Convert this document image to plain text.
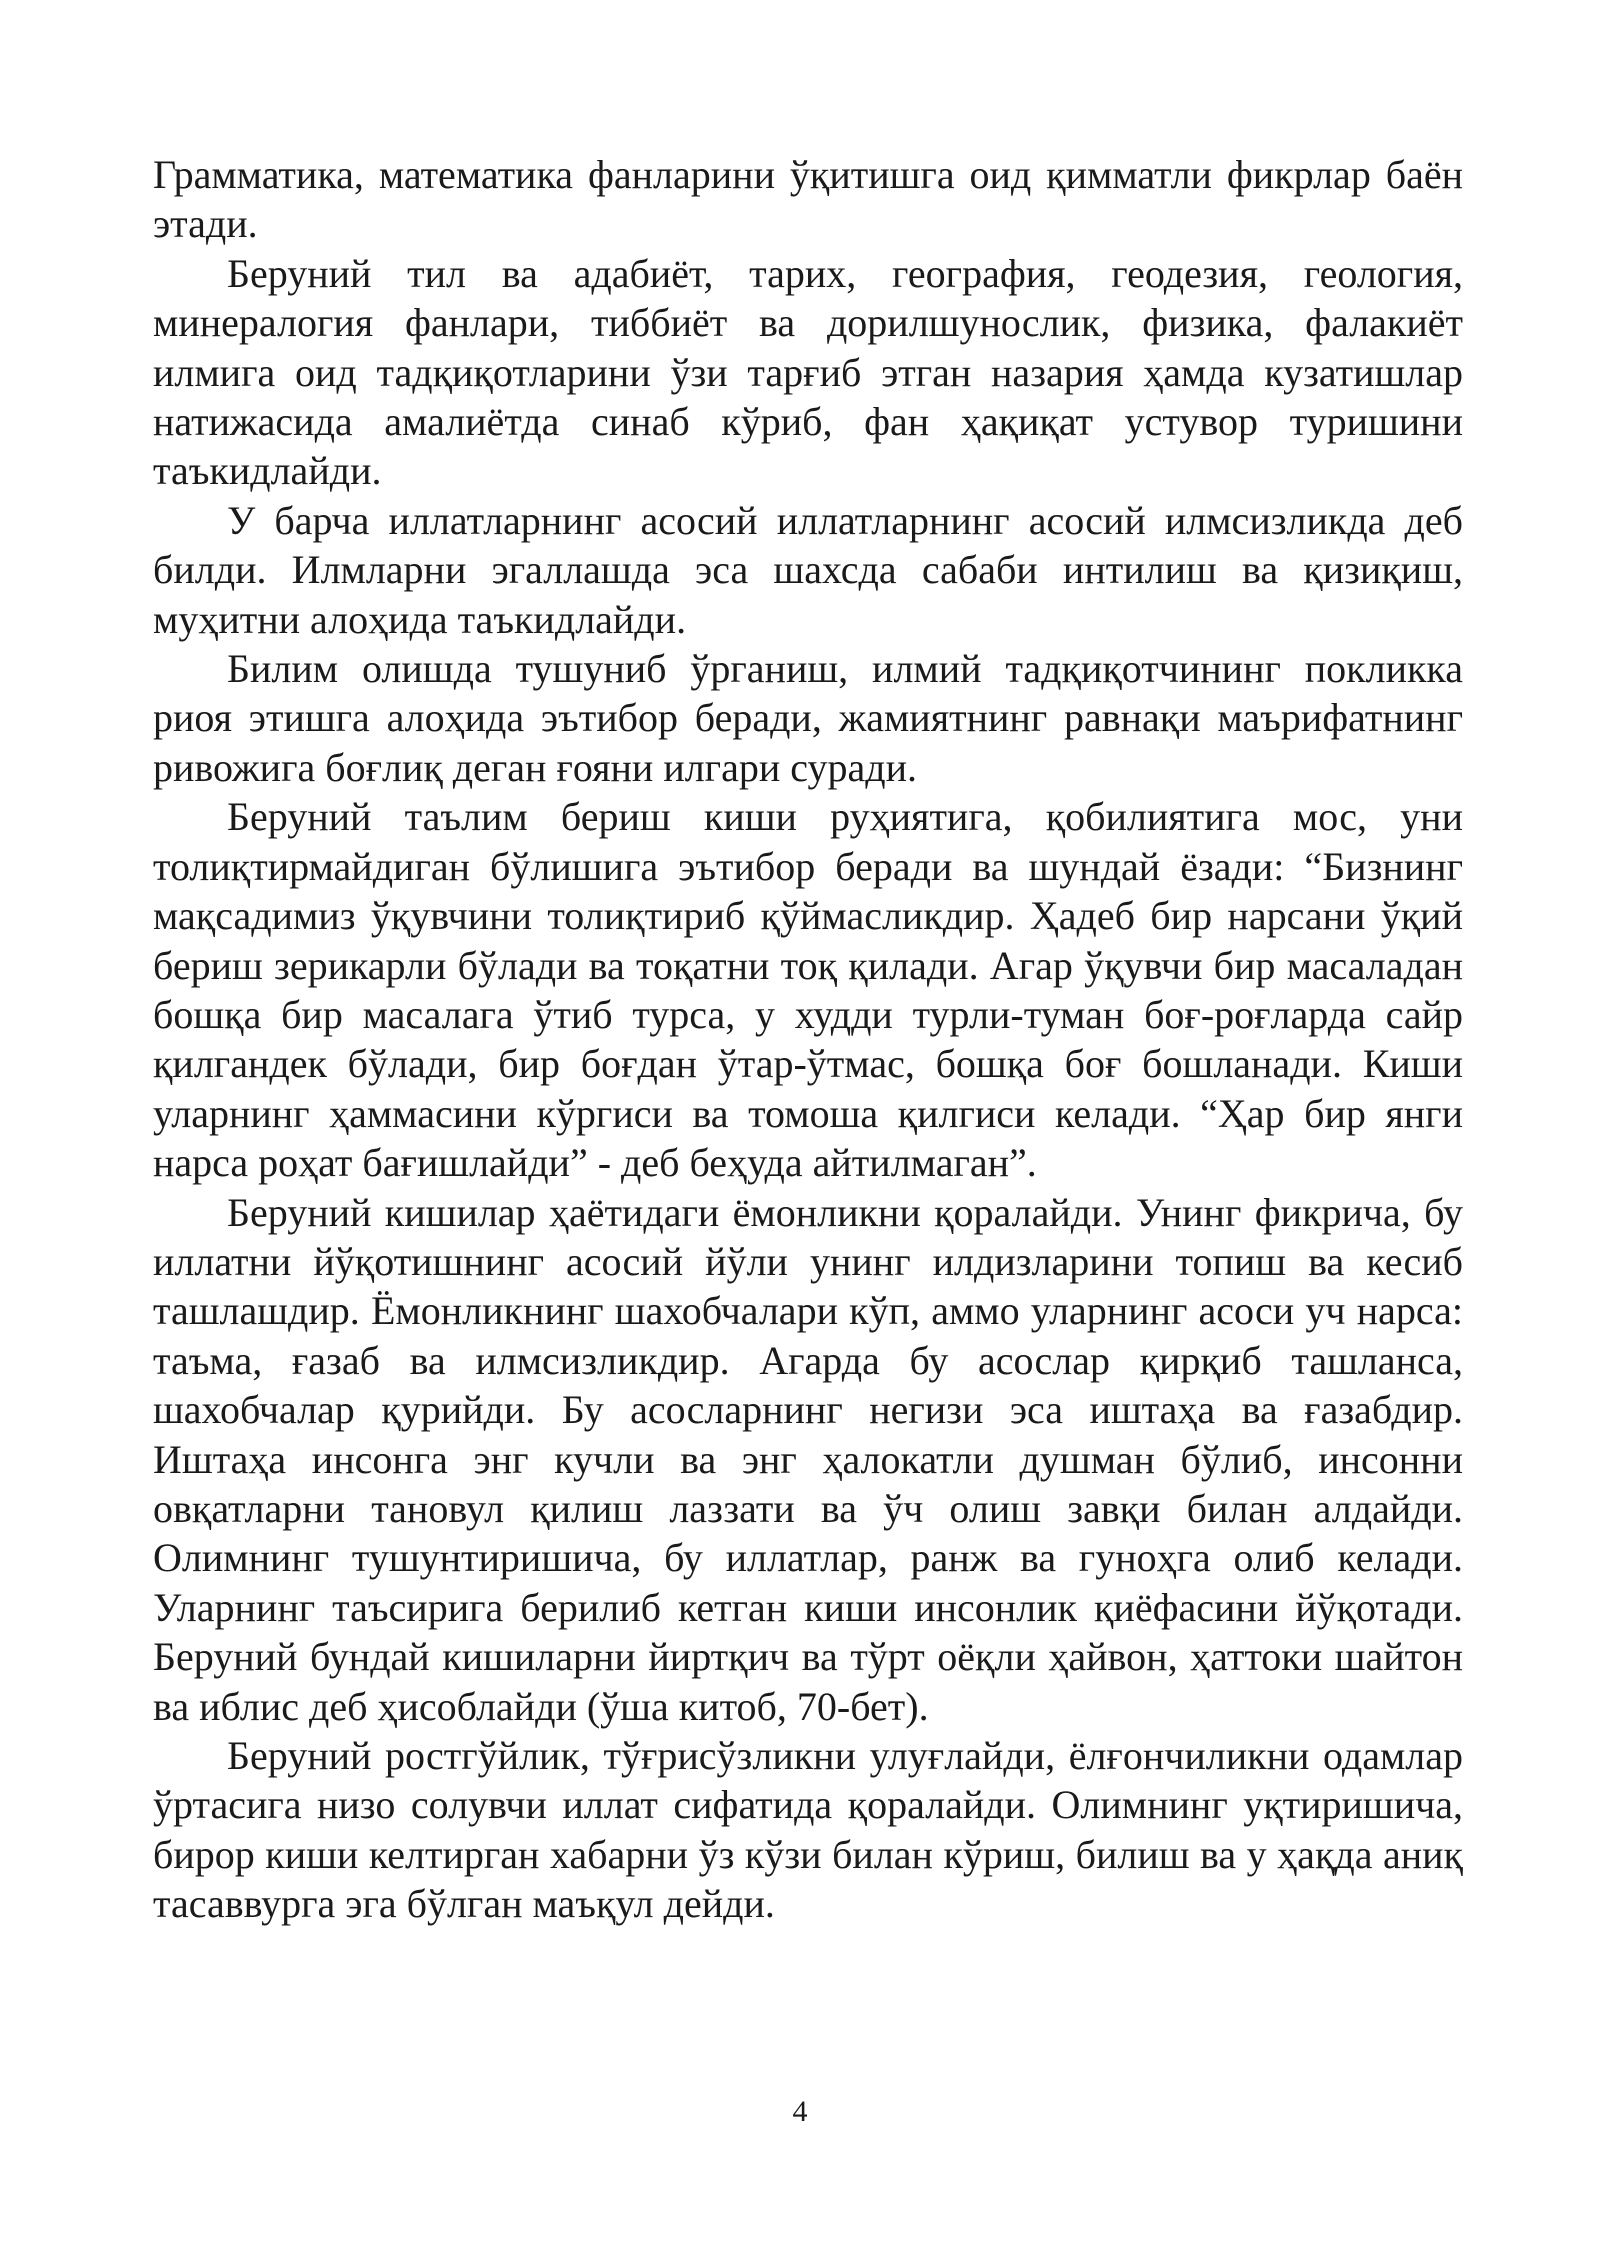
Грамматика, математика фанларини ўқитишга оид қимматли фикрлар баён этади.

Беруний тил ва адабиёт, тарих, география, геодезия, геология, минералогия фанлари, тиббиёт ва дорилшунослик, физика, фалакиёт илмига оид тадқиқотларини ўзи тарғиб этган назария ҳамда кузатишлар натижасида амалиётда синаб кўриб, фан ҳақиқат устувор туришини таъкидлайди.

У барча иллатларнинг асосий иллатларнинг асосий илмсизликда деб билди. Илмларни эгаллашда эса шахсда сабаби интилиш ва қизиқиш, муҳитни алоҳида таъкидлайди.

Билим олишда тушуниб ўрганиш, илмий тадқиқотчининг покликка риоя этишга алоҳида эътибор беради, жамиятнинг равнақи маърифатнинг ривожига боғлиқ деган ғояни илгари суради.

Беруний таълим бериш киши руҳиятига, қобилиятига мос, уни толиқтирмайдиган бўлишига эътибор беради ва шундай ёзади: “Бизнинг мақсадимиз ўқувчини толиқтириб қўймасликдир. Ҳадеб бир нарсани ўқий бериш зерикарли бўлади ва тоқатни тоқ қилади. Агар ўқувчи бир масаладан бошқа бир масалага ўтиб турса, у худди турли-туман боғ-роғларда сайр қилгандек бўлади, бир боғдан ўтар-ўтмас, бошқа боғ бошланади. Киши уларнинг ҳаммасини кўргиси ва томоша қилгиси келади. “Ҳар бир янги нарса роҳат бағишлайди” - деб беҳуда айтилмаган”.

Беруний кишилар ҳаётидаги ёмонликни қоралайди. Унинг фикрича, бу иллатни йўқотишнинг асосий йўли унинг илдизларини топиш ва кесиб ташлашдир. Ёмонликнинг шахобчалари кўп, аммо уларнинг асоси уч нарса: таъма, ғазаб ва илмсизликдир. Агарда бу асослар қирқиб ташланса, шахобчалар қурийди. Бу асосларнинг негизи эса иштаҳа ва ғазабдир. Иштаҳа инсонга энг кучли ва энг ҳалокатли душман бўлиб, инсонни овқатларни тановул қилиш лаззати ва ўч олиш завқи билан алдайди. Олимнинг тушунтиришича, бу иллатлар, ранж ва гуноҳга олиб келади. Уларнинг таъсирига берилиб кетган киши инсонлик қиёфасини йўқотади. Беруний бундай кишиларни йиртқич ва тўрт оёқли ҳайвон, ҳаттоки шайтон ва иблис деб ҳисоблайди (ўша китоб, 70-бет).

Беруний ростгўйлик, тўғрисўзликни улуғлайди, ёлғончиликни одамлар ўртасига низо солувчи иллат сифатида қоралайди. Олимнинг уқтиришича, бирор киши келтирган хабарни ўз кўзи билан кўриш, билиш ва у ҳақда аниқ тасаввурга эга бўлган маъқул дейди.

4
